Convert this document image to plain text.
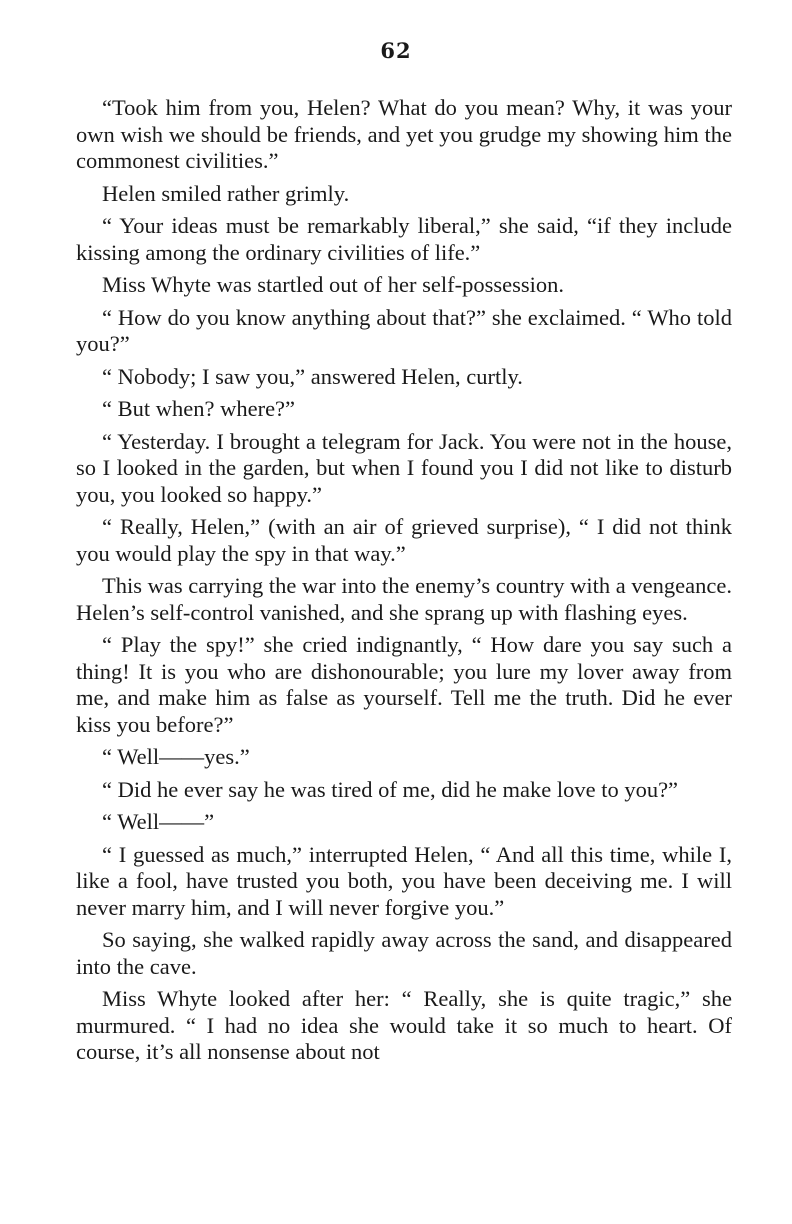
62

“Took him from you, Helen? What do you mean? Why, it was your own wish we should be friends, and yet you grudge my showing him the commonest civilities.”

Helen smiled rather grimly.

“ Your ideas must be remarkably liberal,” she said, “if they include kissing among the ordinary civilities of life.”

Miss Whyte was startled out of her self-possession.

“ How do you know anything about that?” she exclaimed. “ Who told you?”

“ Nobody; I saw you,” answered Helen, curtly.

“ But when? where?”

“ Yesterday. I brought a telegram for Jack. You were not in the house, so I looked in the garden, but when I found you I did not like to disturb you, you looked so happy.”

“ Really, Helen,” (with an air of grieved surprise), “ I did not think you would play the spy in that way.”

This was carrying the war into the enemy’s country with a vengeance. Helen’s self-control vanished, and she sprang up with flashing eyes.

“ Play the spy!” she cried indignantly, “ How dare you say such a thing! It is you who are dishonourable; you lure my lover away from me, and make him as false as yourself. Tell me the truth. Did he ever kiss you before?”

“ Well——yes.”

“ Did he ever say he was tired of me, did he make love to you?”

“ Well——”

“ I guessed as much,” interrupted Helen, “ And all this time, while I, like a fool, have trusted you both, you have been deceiving me. I will never marry him, and I will never forgive you.”

So saying, she walked rapidly away across the sand, and disappeared into the cave.

Miss Whyte looked after her: “ Really, she is quite tragic,” she murmured. “ I had no idea she would take it so much to heart. Of course, it’s all nonsense about not
